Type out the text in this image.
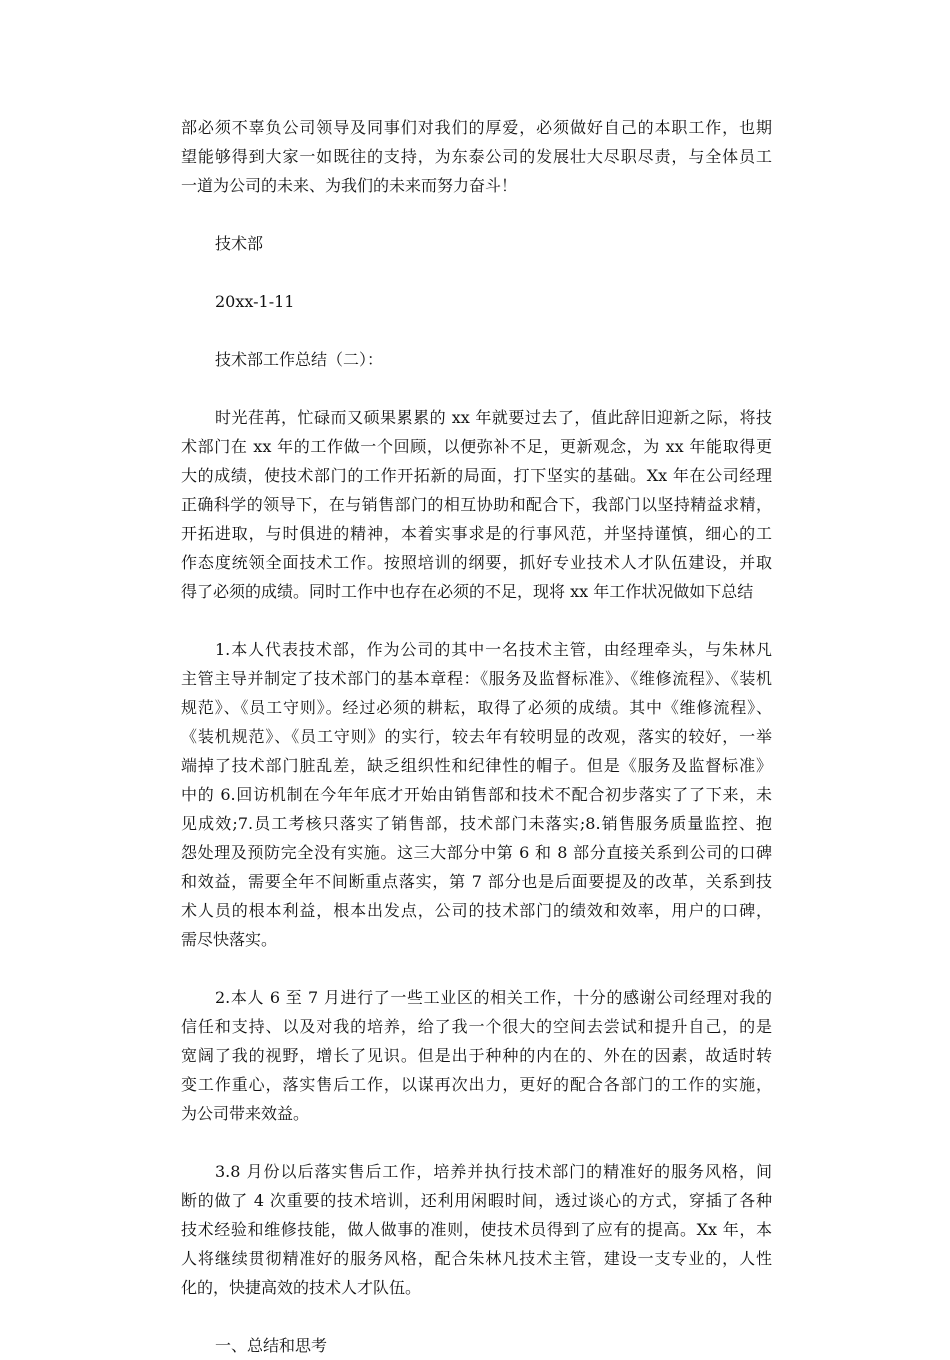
部必须不辜负公司领导及同事们对我们的厚爱，必须做好自己的本职工作，也期
望能够得到大家一如既往的支持，为东泰公司的发展壮大尽职尽责，与全体员工
一道为公司的未来、为我们的未来而努力奋斗！
技术部
20xx-1-11
技术部工作总结（二）：
时光荏苒，忙碌而又硕果累累的 xx 年就要过去了，值此辞旧迎新之际，将技
术部门在 xx 年的工作做一个回顾，以便弥补不足，更新观念，为 xx 年能取得更
大的成绩，使技术部门的工作开拓新的局面，打下坚实的基础。Xx 年在公司经理
正确科学的领导下，在与销售部门的相互协助和配合下，我部门以坚持精益求精，
开拓进取，与时俱进的精神，本着实事求是的行事风范，并坚持谨慎，细心的工
作态度统领全面技术工作。按照培训的纲要，抓好专业技术人才队伍建设，并取
得了必须的成绩。同时工作中也存在必须的不足，现将 xx 年工作状况做如下总结
1.本人代表技术部，作为公司的其中一名技术主管，由经理牵头，与朱林凡
主管主导并制定了技术部门的基本章程：《服务及监督标准》、《维修流程》、《装机
规范》、《员工守则》。经过必须的耕耘，取得了必须的成绩。其中《维修流程》、
《装机规范》、《员工守则》的实行，较去年有较明显的改观，落实的较好，一举
端掉了技术部门脏乱差，缺乏组织性和纪律性的帽子。但是《服务及监督标准》
中的 6.回访机制在今年年底才开始由销售部和技术不配合初步落实了了下来，未
见成效;7.员工考核只落实了销售部，技术部门未落实;8.销售服务质量监控、抱
怨处理及预防完全没有实施。这三大部分中第 6 和 8 部分直接关系到公司的口碑
和效益，需要全年不间断重点落实，第 7 部分也是后面要提及的改革，关系到技
术人员的根本利益，根本出发点，公司的技术部门的绩效和效率，用户的口碑，
需尽快落实。
2.本人 6 至 7 月进行了一些工业区的相关工作，十分的感谢公司经理对我的
信任和支持、以及对我的培养，给了我一个很大的空间去尝试和提升自己，的是
宽阔了我的视野，增长了见识。但是出于种种的内在的、外在的因素，故适时转
变工作重心，落实售后工作，以谋再次出力，更好的配合各部门的工作的实施，
为公司带来效益。
3.8 月份以后落实售后工作，培养并执行技术部门的精准好的服务风格，间
断的做了 4 次重要的技术培训，还利用闲暇时间，透过谈心的方式，穿插了各种
技术经验和维修技能，做人做事的准则，使技术员得到了应有的提高。Xx 年，本
人将继续贯彻精准好的服务风格，配合朱林凡技术主管，建设一支专业的，人性
化的，快捷高效的技术人才队伍。
一、总结和思考
